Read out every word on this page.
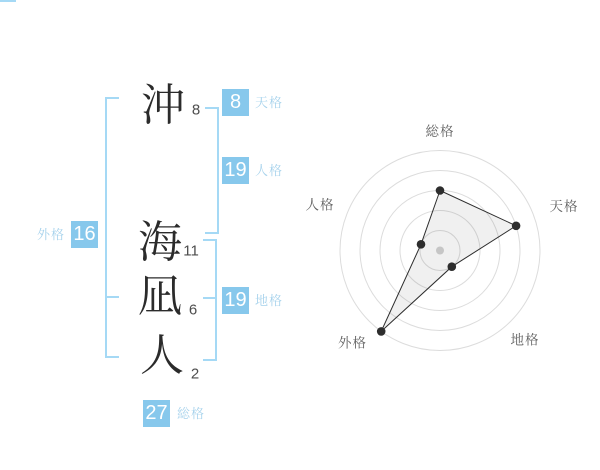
沖
海
凪
人
8
11
6
2
8	天格
19 人格
外格 16
19 地格
27 総格
総格
天格
地格
外格
人格
